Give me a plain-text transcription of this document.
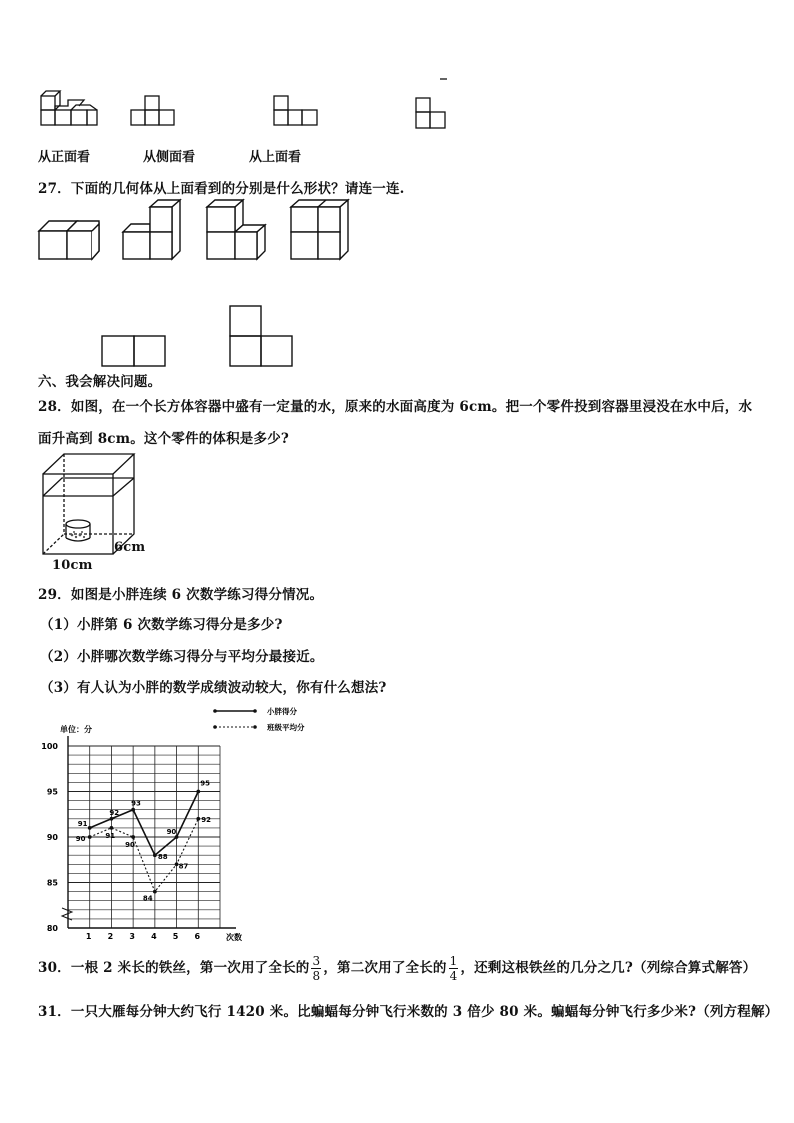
从正面看	从侧面看	从上面看
27．下面的几何体从上面看到的分别是什么形状？请连一连.
六、我会解决问题。
28．如图，在一个长方体容器中盛有一定量的水，原来的水面高度为 6cm。把一个零件投到容器里浸没在水中后，水
面升高到 8cm。这个零件的体积是多少?
6cm
10cm
29．如图是小胖连续 6 次数学练习得分情况。
（1）小胖第 6 次数学练习得分是多少?
（2）小胖哪次数学练习得分与平均分最接近。
（3）有人认为小胖的数学成绩波动较大，你有什么想法?
80
85
90
95
100
1 2 3 4 5 6	次数
单位：分
91
92
93
88
90
95
90	91
90
84
87
92
小胖得分
班级平均分
30．一根 2 米长的铁丝，第一次用了全长的 $\frac{3}{8}$ ，第二次用了全长的 $\frac{1}{4}$ ，还剩这根铁丝的几分之几?（列综合算式解答）
31．一只大雁每分钟大约飞行 1420 米。比蝙蝠每分钟飞行米数的 3 倍少 80 米。蝙蝠每分钟飞行多少米?（列方程解）
